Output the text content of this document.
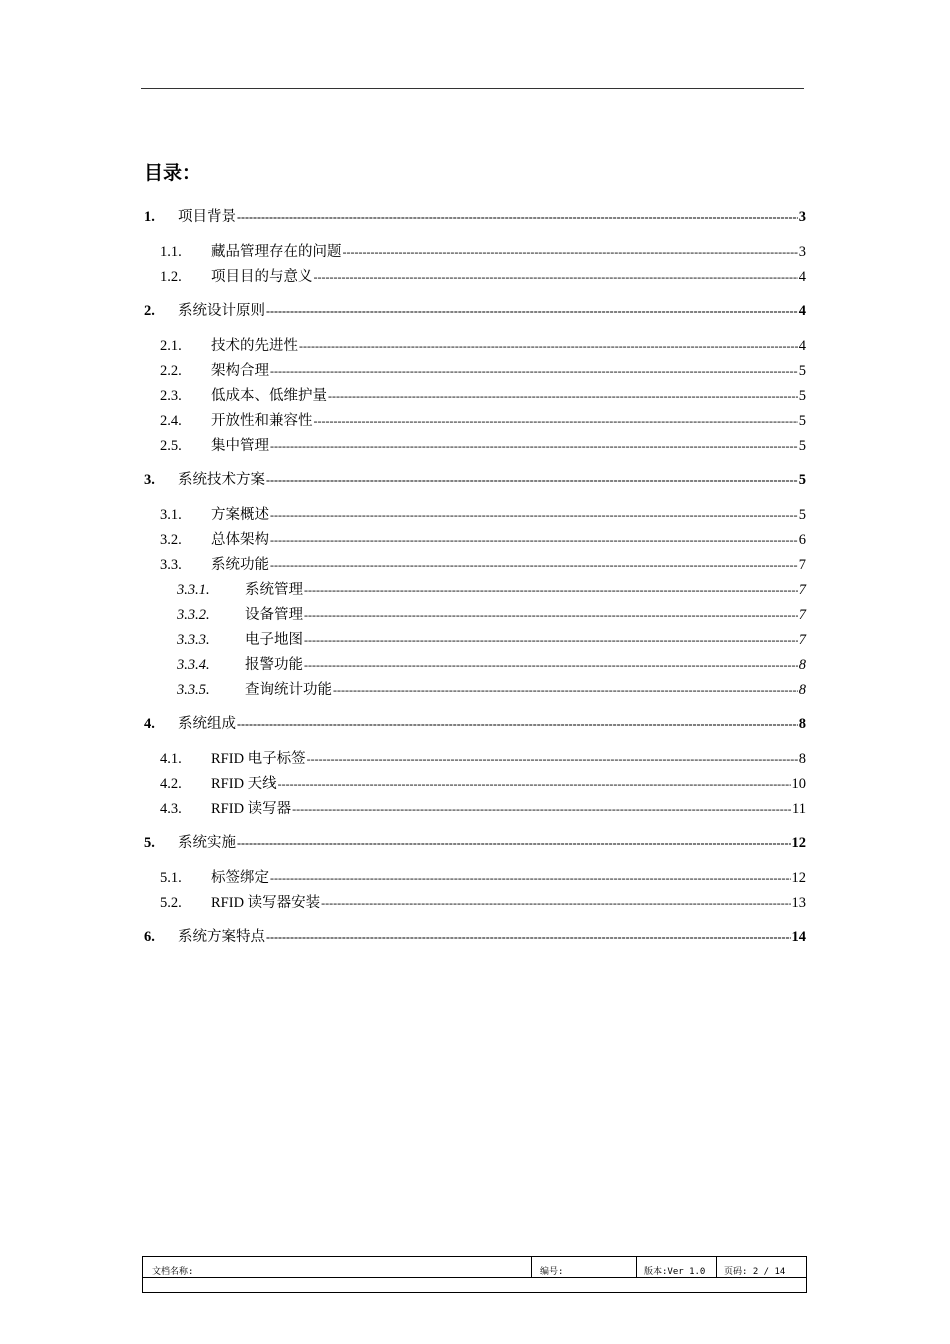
目录：
1.	项目背景 -----	3
1.1.	藏品管理存在的问题 -----	3
1.2.	项目目的与意义 -----	4
2.	系统设计原则 -----	4
2.1.	技术的先进性 -----	4
2.2.	架构合理 -----	5
2.3.	低成本、低维护量 -----	5
2.4.	开放性和兼容性 -----	5
2.5.	集中管理 -----	5
3.	系统技术方案 -----	5
3.1.	方案概述 -----	5
3.2.	总体架构 -----	6
3.3.	系统功能 -----	7
3.3.1.	系统管理 -----	7
3.3.2.	设备管理 -----	7
3.3.3.	电子地图 -----	7
3.3.4.	报警功能 -----	8
3.3.5.	查询统计功能 -----	8
4.	系统组成 -----	8
4.1.	RFID 电子标签 -----	8
4.2.	RFID 天线 -----	10
4.3.	RFID 读写器 -----	11
5.	系统实施 -----	12
5.1.	标签绑定 -----	12
5.2.	RFID 读写器安装 -----	13
6.	系统方案特点 -----	14
文档名称:	编号:	版本:Ver 1.0 页码: 2 / 14
